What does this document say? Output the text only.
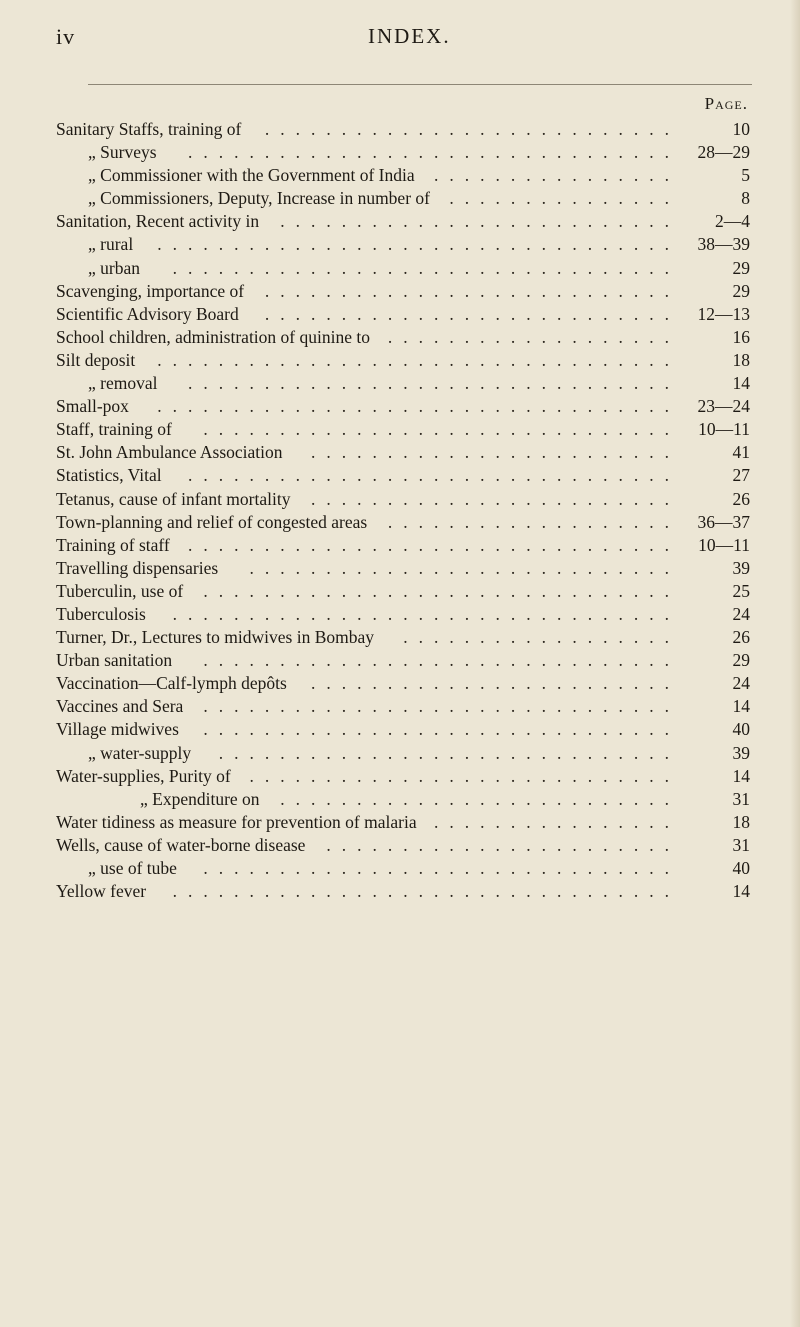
iv	INDEX.
Page.
Sanitary Staffs, training of ...........................	10
„ Surveys ................................ 28—29
„ Commissioner with the Government of India ................	5
„ Commissioners, Deputy, Increase in number of ...............	8
Sanitation, Recent activity in .......................... 2—4
„ rural .................................. 38—39
„ urban .................................	29
Scavenging, importance of ...........................	29
Scientific Advisory Board ........................... 12—13
School children, administration of quinine to ...................	16
Silt deposit ..................................	18
„ removal ................................	14
Small-pox .................................. 23—24
Staff, training of ............................... 10—11
St. John Ambulance Association ........................	41
Statistics, Vital ................................	27
Tetanus, cause of infant mortality ........................	26
Town-planning and relief of congested areas ................... 36—37
Training of staff ................................ 10—11
Travelling dispensaries ............................	39
Tuberculin, use of ...............................	25
Tuberculosis .................................	24
Turner, Dr., Lectures to midwives in Bombay ..................	26
Urban sanitation ...............................	29
Vaccination—Calf-lymph depôts ........................	24
Vaccines and Sera ...............................	14
Village midwives ...............................	40
„ water-supply ..............................	39
Water-supplies, Purity of ............................	14
„ Expenditure on ..........................	31
Water tidiness as measure for prevention of malaria ................	18
Wells, cause of water-borne disease .......................	31
„ use of tube ...............................	40
Yellow fever .................................	14
